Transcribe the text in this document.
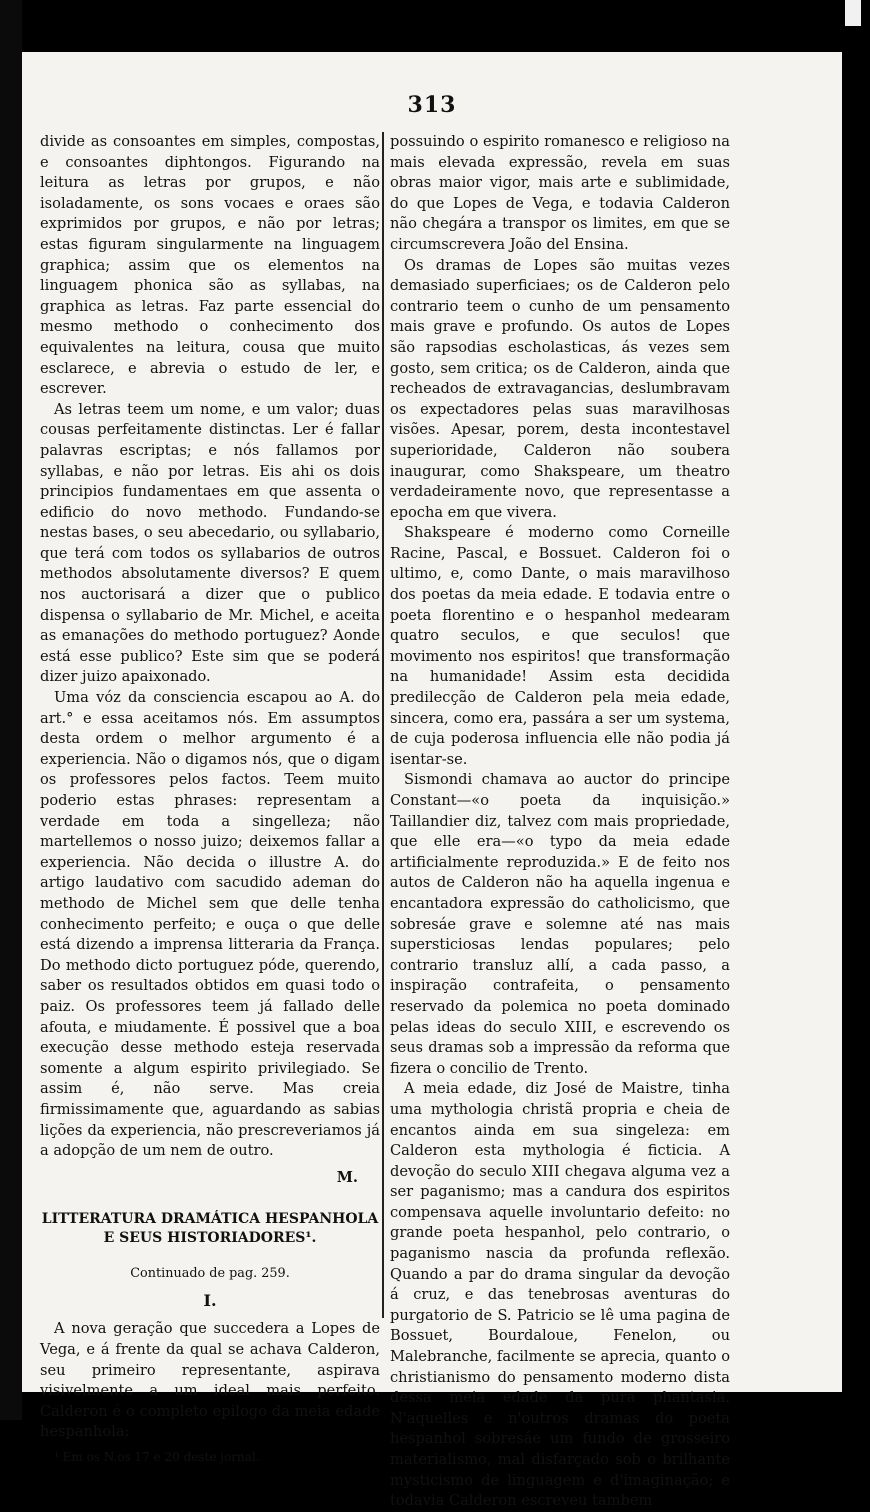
313

divide as consoantes em simples, compostas, e consoantes diphtongos. Figurando na leitura as letras por grupos, e não isoladamente, os sons vocaes e oraes são exprimidos por grupos, e não por letras; estas figuram singularmente na linguagem graphica; assim que os elementos na linguagem phonica são as syllabas, na graphica as letras. Faz parte essencial do mesmo methodo o conhecimento dos equivalentes na leitura, cousa que muito esclarece, e abrevia o estudo de ler, e escrever.

As letras teem um nome, e um valor; duas cousas perfeitamente distinctas. Ler é fallar palavras escriptas; e nós fallamos por syllabas, e não por letras. Eis ahi os dois principios fundamentaes em que assenta o edificio do novo methodo. Fundando-se nestas bases, o seu abecedario, ou syllabario, que terá com todos os syllabarios de outros methodos absolutamente diversos? E quem nos auctorisará a dizer que o publico dispensa o syllabario de Mr. Michel, e aceita as emanações do methodo portuguez? Aonde está esse publico? Este sim que se poderá dizer juizo apaixonado.

Uma vóz da consciencia escapou ao A. do art.° e essa aceitamos nós. Em assumptos desta ordem o melhor argumento é a experiencia. Não o digamos nós, que o digam os professores pelos factos. Teem muito poderio estas phrases: representam a verdade em toda a singelleza; não martellemos o nosso juizo; deixemos fallar a experiencia. Não decida o illustre A. do artigo laudativo com sacudido ademan do methodo de Michel sem que delle tenha conhecimento perfeito; e ouça o que delle está dizendo a imprensa litteraria da França. Do methodo dicto portuguez póde, querendo, saber os resultados obtidos em quasi todo o paiz. Os professores teem já fallado delle afouta, e miudamente. É possivel que a boa execução desse methodo esteja reservada somente a algum espirito privilegiado. Se assim é, não serve. Mas creia firmissimamente que, aguardando as sabias lições da experiencia, não prescreveriamos já a adopção de um nem de outro.

M.
LITTERATURA DRAMÁTICA HESPANHOLA
E SEUS HISTORIADORES¹.
Continuado de pag. 259.
I.

A nova geração que succedera a Lopes de Vega, e á frente da qual se achava Calderon, seu primeiro representante, aspirava visivelmente a um ideal mais perfeito. Calderon é o completo epilogo da meia edade hespanhola:

¹ Em os N.os 17 e 20 deste jornal.

possuindo o espirito romanesco e religioso na mais elevada expressão, revela em suas obras maior vigor, mais arte e sublimidade, do que Lopes de Vega, e todavia Calderon não chegára a transpor os limites, em que se circumscrevera João del Ensina.

Os dramas de Lopes são muitas vezes demasiado superficiaes; os de Calderon pelo contrario teem o cunho de um pensamento mais grave e profundo. Os autos de Lopes são rapsodias escholasticas, ás vezes sem gosto, sem critica; os de Calderon, ainda que recheados de extravagancias, deslumbravam os expectadores pelas suas maravilhosas visões. Apesar, porem, desta incontestavel superioridade, Calderon não soubera inaugurar, como Shakspeare, um theatro verdadeiramente novo, que representasse a epocha em que vivera.

Shakspeare é moderno como Corneille Racine, Pascal, e Bossuet. Calderon foi o ultimo, e, como Dante, o mais maravilhoso dos poetas da meia edade. E todavia entre o poeta florentino e o hespanhol medearam quatro seculos, e que seculos! que movimento nos espiritos! que transformação na humanidade! Assim esta decidida predilecção de Calderon pela meia edade, sincera, como era, passára a ser um systema, de cuja poderosa influencia elle não podia já isentar-se.

Sismondi chamava ao auctor do principe Constant—«o poeta da inquisição.» Taillandier diz, talvez com mais propriedade, que elle era—«o typo da meia edade artificialmente reproduzida.» E de feito nos autos de Calderon não ha aquella ingenua e encantadora expressão do catholicismo, que sobresáe grave e solemne até nas mais supersticiosas lendas populares; pelo contrario transluz allí, a cada passo, a inspiração contrafeita, o pensamento reservado da polemica no poeta dominado pelas ideas do seculo XIII, e escrevendo os seus dramas sob a impressão da reforma que fizera o concilio de Trento.

A meia edade, diz José de Maistre, tinha uma mythologia christã propria e cheia de encantos ainda em sua singeleza: em Calderon esta mythologia é ficticia. A devoção do seculo XIII chegava alguma vez a ser paganismo; mas a candura dos espiritos compensava aquelle involuntario defeito: no grande poeta hespanhol, pelo contrario, o paganismo nascia da profunda reflexão. Quando a par do drama singular da devoção á cruz, e das tenebrosas aventuras do purgatorio de S. Patricio se lê uma pagina de Bossuet, Bourdaloue, Fenelon, ou Malebranche, facilmente se aprecia, quanto o christianismo do pensamento moderno dista dessa meia edade da pura phantasia. N'aquelles e n'outros dramas do poeta hespanhol sobresáe um fundo de grosseiro materialismo, mal disfarçado sob o brilhante mysticismo de linguagem e d'imaginação; e todavia Calderon escreveu tambem
